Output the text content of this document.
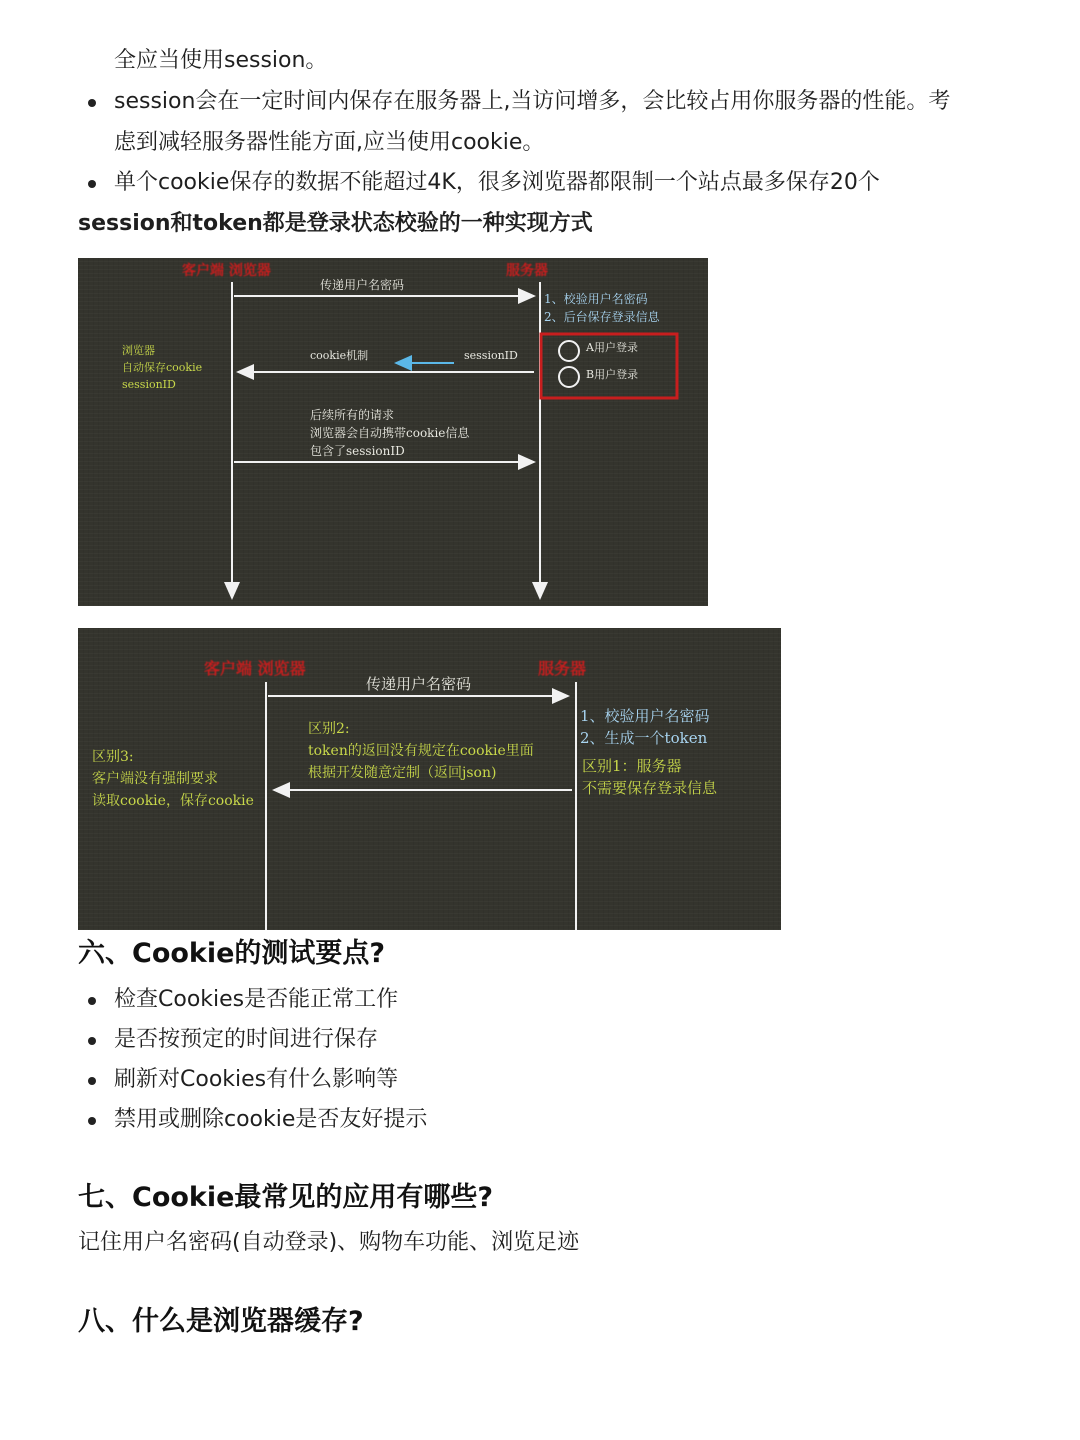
全应当使用session。
session会在一定时间内保存在服务器上,当访问增多，会比较占用你服务器的性能。考
虑到减轻服务器性能方面,应当使用cookie。
单个cookie保存的数据不能超过4K，很多浏览器都限制一个站点最多保存20个
session和token都是登录状态校验的一种实现方式
客户端 浏览器	服务器
传递用户名密码
1、校验用户名密码
2、后台保存登录信息
浏览器
自动保存cookie
sessionID
cookie机制	sessionID
A用户登录
B用户登录
后续所有的请求
浏览器会自动携带cookie信息
包含了sessionID
客户端 浏览器	服务器
传递用户名密码
1、校验用户名密码
2、生成一个token
区别2:
token的返回没有规定在cookie里面
根据开发随意定制（返回json)
区别3:
客户端没有强制要求
读取cookie，保存cookie
区别1：服务器
不需要保存登录信息
六、Cookie的测试要点?
检查Cookies是否能正常工作
是否按预定的时间进行保存
刷新对Cookies有什么影响等
禁用或删除cookie是否友好提示
七、Cookie最常见的应用有哪些?
记住用户名密码(自动登录)、购物车功能、浏览足迹
八、什么是浏览器缓存?
